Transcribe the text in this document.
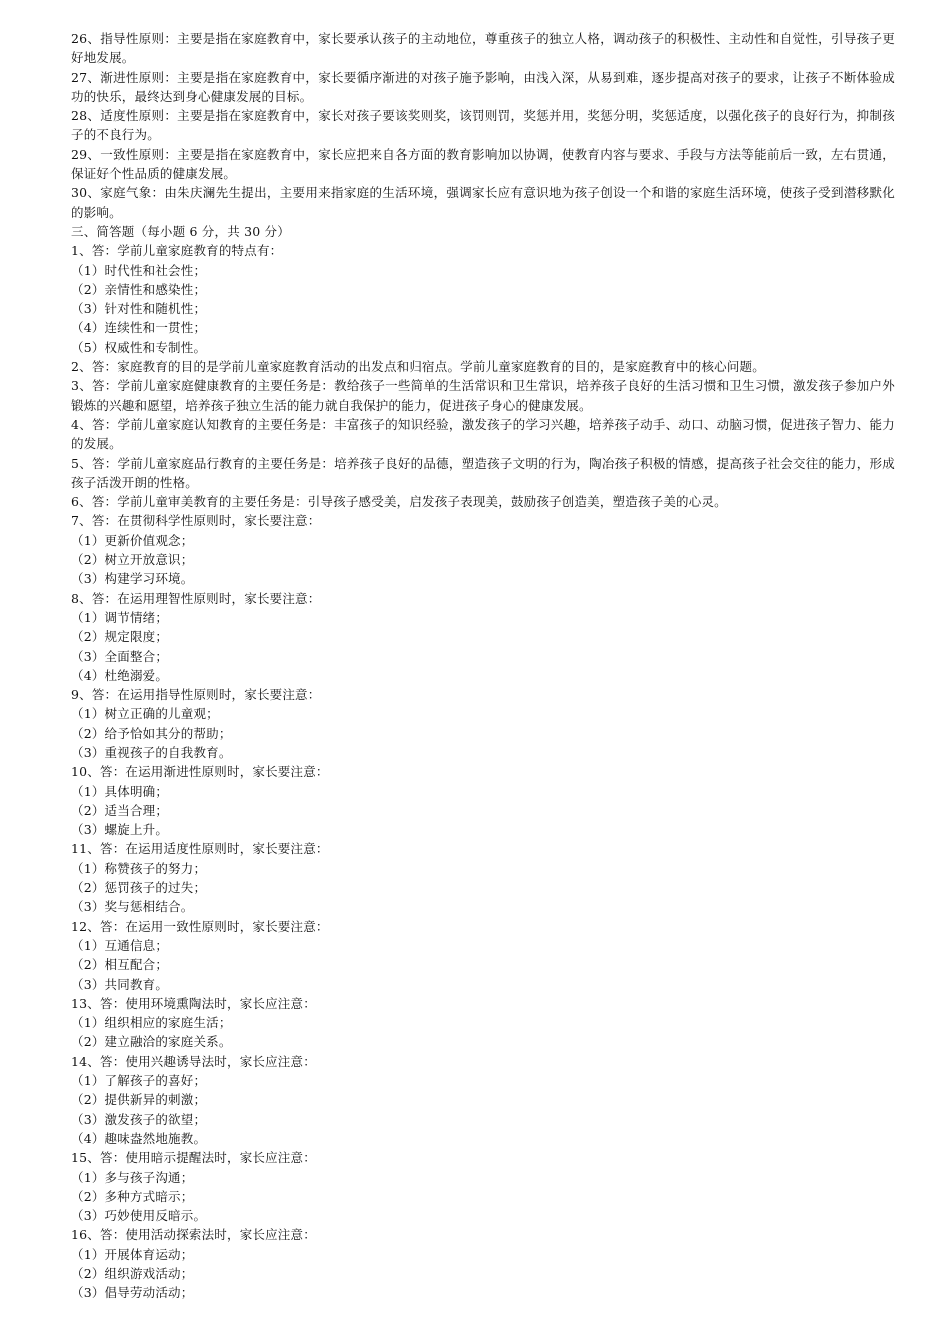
26、指导性原则：主要是指在家庭教育中，家长要承认孩子的主动地位，尊重孩子的独立人格，调动孩子的积极性、主动性和自觉性，引导孩子更好地发展。

27、渐进性原则：主要是指在家庭教育中，家长要循序渐进的对孩子施予影响，由浅入深，从易到难，逐步提高对孩子的要求，让孩子不断体验成功的快乐，最终达到身心健康发展的目标。

28、适度性原则：主要是指在家庭教育中，家长对孩子要该奖则奖，该罚则罚，奖惩并用，奖惩分明，奖惩适度，以强化孩子的良好行为，抑制孩子的不良行为。

29、一致性原则：主要是指在家庭教育中，家长应把来自各方面的教育影响加以协调，使教育内容与要求、手段与方法等能前后一致，左右贯通，保证好个性品质的健康发展。

30、家庭气象：由朱庆澜先生提出，主要用来指家庭的生活环境，强调家长应有意识地为孩子创设一个和谐的家庭生活环境，使孩子受到潜移默化的影响。

三、简答题（每小题 6 分，共 30 分）

1、答：学前儿童家庭教育的特点有：

（1）时代性和社会性；

（2）亲情性和感染性；

（3）针对性和随机性；

（4）连续性和一贯性；

（5）权威性和专制性。

2、答：家庭教育的目的是学前儿童家庭教育活动的出发点和归宿点。学前儿童家庭教育的目的，是家庭教育中的核心问题。

3、答：学前儿童家庭健康教育的主要任务是：教给孩子一些简单的生活常识和卫生常识，培养孩子良好的生活习惯和卫生习惯，激发孩子参加户外锻炼的兴趣和愿望，培养孩子独立生活的能力就自我保护的能力，促进孩子身心的健康发展。

4、答：学前儿童家庭认知教育的主要任务是：丰富孩子的知识经验，激发孩子的学习兴趣，培养孩子动手、动口、动脑习惯，促进孩子智力、能力的发展。

5、答：学前儿童家庭品行教育的主要任务是：培养孩子良好的品德，塑造孩子文明的行为，陶冶孩子积极的情感，提高孩子社会交往的能力，形成孩子活泼开朗的性格。

6、答：学前儿童审美教育的主要任务是：引导孩子感受美，启发孩子表现美，鼓励孩子创造美，塑造孩子美的心灵。

7、答：在贯彻科学性原则时，家长要注意：

（1）更新价值观念；

（2）树立开放意识；

（3）构建学习环境。

8、答：在运用理智性原则时，家长要注意：

（1）调节情绪；

（2）规定限度；

（3）全面整合；

（4）杜绝溺爱。

9、答：在运用指导性原则时，家长要注意：

（1）树立正确的儿童观；

（2）给予恰如其分的帮助；

（3）重视孩子的自我教育。

10、答：在运用渐进性原则时，家长要注意：

（1）具体明确；

（2）适当合理；

（3）螺旋上升。

11、答：在运用适度性原则时，家长要注意：

（1）称赞孩子的努力；

（2）惩罚孩子的过失；

（3）奖与惩相结合。

12、答：在运用一致性原则时，家长要注意：

（1）互通信息；

（2）相互配合；

（3）共同教育。

13、答：使用环境熏陶法时，家长应注意：

（1）组织相应的家庭生活；

（2）建立融洽的家庭关系。

14、答：使用兴趣诱导法时，家长应注意：

（1）了解孩子的喜好；

（2）提供新异的刺激；

（3）激发孩子的欲望；

（4）趣味盎然地施教。

15、答：使用暗示提醒法时，家长应注意：

（1）多与孩子沟通；

（2）多种方式暗示；

（3）巧妙使用反暗示。

16、答：使用活动探索法时，家长应注意：

（1）开展体育运动；

（2）组织游戏活动；

（3）倡导劳动活动；
